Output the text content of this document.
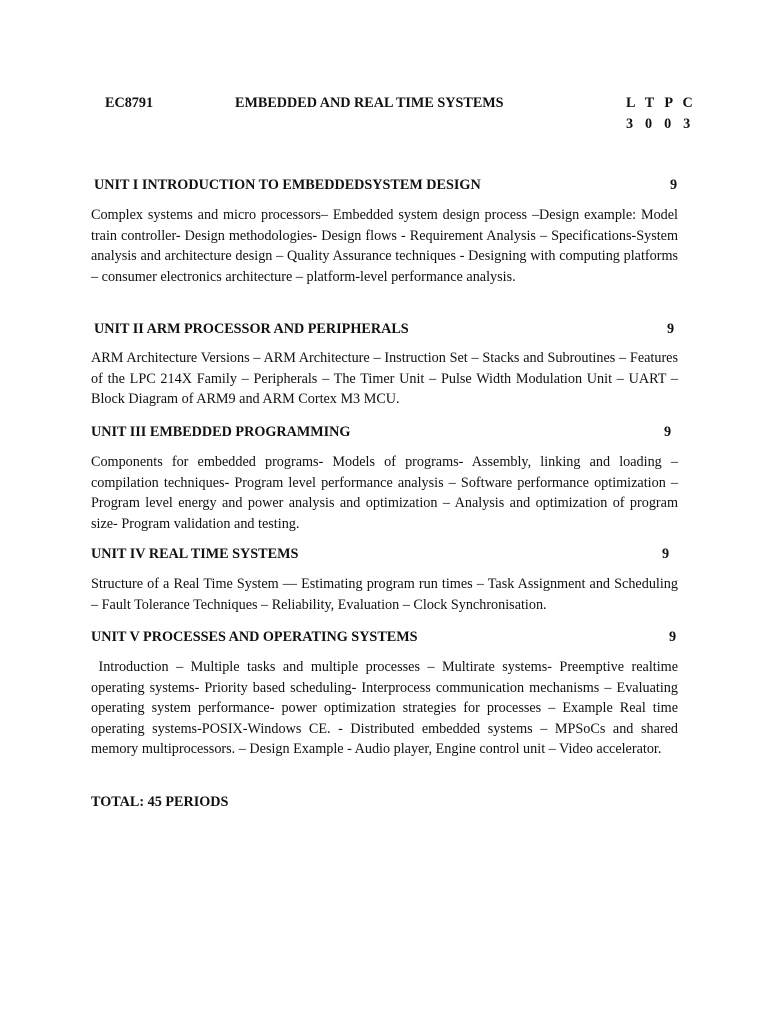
EC8791	EMBEDDED AND REAL TIME SYSTEMS	L T P C
3 0 0 3
UNIT I INTRODUCTION TO EMBEDDEDSYSTEM DESIGN	9

Complex systems and micro processors– Embedded system design process –Design example: Model train controller- Design methodologies- Design flows - Requirement Analysis – Specifications-System analysis and architecture design – Quality Assurance techniques - Designing with computing platforms – consumer electronics architecture – platform-level performance analysis.

UNIT II ARM PROCESSOR AND PERIPHERALS	9

ARM Architecture Versions – ARM Architecture – Instruction Set – Stacks and Subroutines – Features of the LPC 214X Family – Peripherals – The Timer Unit – Pulse Width Modulation Unit – UART – Block Diagram of ARM9 and ARM Cortex M3 MCU.

UNIT III EMBEDDED PROGRAMMING	9

Components for embedded programs- Models of programs- Assembly, linking and loading – compilation techniques- Program level performance analysis – Software performance optimization – Program level energy and power analysis and optimization – Analysis and optimization of program size- Program validation and testing.

UNIT IV REAL TIME SYSTEMS	9

Structure of a Real Time System — Estimating program run times – Task Assignment and Scheduling – Fault Tolerance Techniques – Reliability, Evaluation – Clock Synchronisation.

UNIT V PROCESSES AND OPERATING SYSTEMS	9

Introduction – Multiple tasks and multiple processes – Multirate systems- Preemptive realtime operating systems- Priority based scheduling- Interprocess communication mechanisms – Evaluating operating system performance- power optimization strategies for processes – Example Real time operating systems-POSIX-Windows CE. - Distributed embedded systems – MPSoCs and shared memory multiprocessors. – Design Example - Audio player, Engine control unit – Video accelerator.

TOTAL: 45 PERIODS
